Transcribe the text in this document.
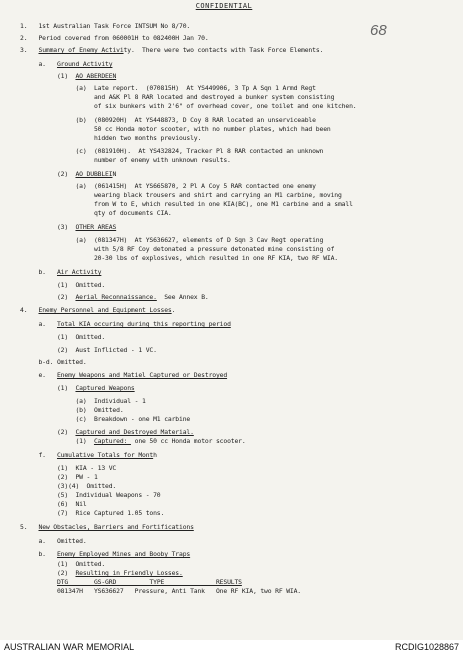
CONFIDENTIAL
68
1.   1st Australian Task Force INTSUM No 8/70.
2.   Period covered from 060001H to 082400H Jan 70.
3.   Summary of Enemy Activity.  There were two contacts with Task Force Elements.
a.   Ground Activity
(1)  AO ABERDEEN
(a)  Late report.  (070815H)  At YS449906, 3 Tp A Sqn 1 Armd Regt
and A&K Pl 8 RAR located and destroyed a bunker system consisting
of six bunkers with 2'6" of overhead cover, one toilet and one kitchen.
(b)  (080920H)  At YS448873, D Coy 8 RAR located an unserviceable
50 cc Honda motor scooter, with no number plates, which had been
hidden two months previously.
(c)  (081910H).  At YS432824, Tracker Pl 8 RAR contacted an unknown
number of enemy with unknown results.
(2)  AO DUBBLEIN
(a)  (061415H)  At YS665870, 2 Pl A Coy 5 RAR contacted one enemy
wearing black trousers and shirt and carrying an M1 carbine, moving
from W to E, which resulted in one KIA(BC), one M1 carbine and a small
qty of documents CIA.
(3)  OTHER AREAS
(a)  (081347H)  At YS636627, elements of D Sqn 3 Cav Regt operating
with 5/8 RF Coy detonated a pressure detonated mine consisting of
20-30 lbs of explosives, which resulted in one RF KIA, two RF WIA.
b.   Air Activity
(1)  Omitted.
(2)  Aerial Reconnaissance.  See Annex B.
4.   Enemy Personnel and Equipment Losses.
a.   Total KIA occuring during this reporting period
(1)  Omitted.
(2)  Aust Inflicted - 1 VC.
b-d. Omitted.
e.   Enemy Weapons and Matiel Captured or Destroyed
(1)  Captured Weapons
(a)  Individual - 1
(b)  Omitted.
(c)  Breakdown - one M1 carbine
(2)  Captured and Destroyed Material.
(1)  Captured:  one 50 cc Honda motor scooter.
f.   Cumulative Totals for Month
(1)  KIA - 13 VC
(2)  PW - 1
(3)(4)  Omitted.
(5)  Individual Weapons - 70
(6)  Nil
(7)  Rice Captured 1.05 tons.
5.   New Obstacles, Barriers and Fortifications
a.   Omitted.
b.   Enemy Employed Mines and Booby Traps
(1)  Omitted.
(2)  Resulting in Friendly Losses.
DTG       GS-GRD         TYPE              RESULTS
081347H   YS636627   Pressure, Anti Tank   One RF KIA, two RF WIA.
AUSTRALIAN WAR MEMORIAL	RCDIG1028867
